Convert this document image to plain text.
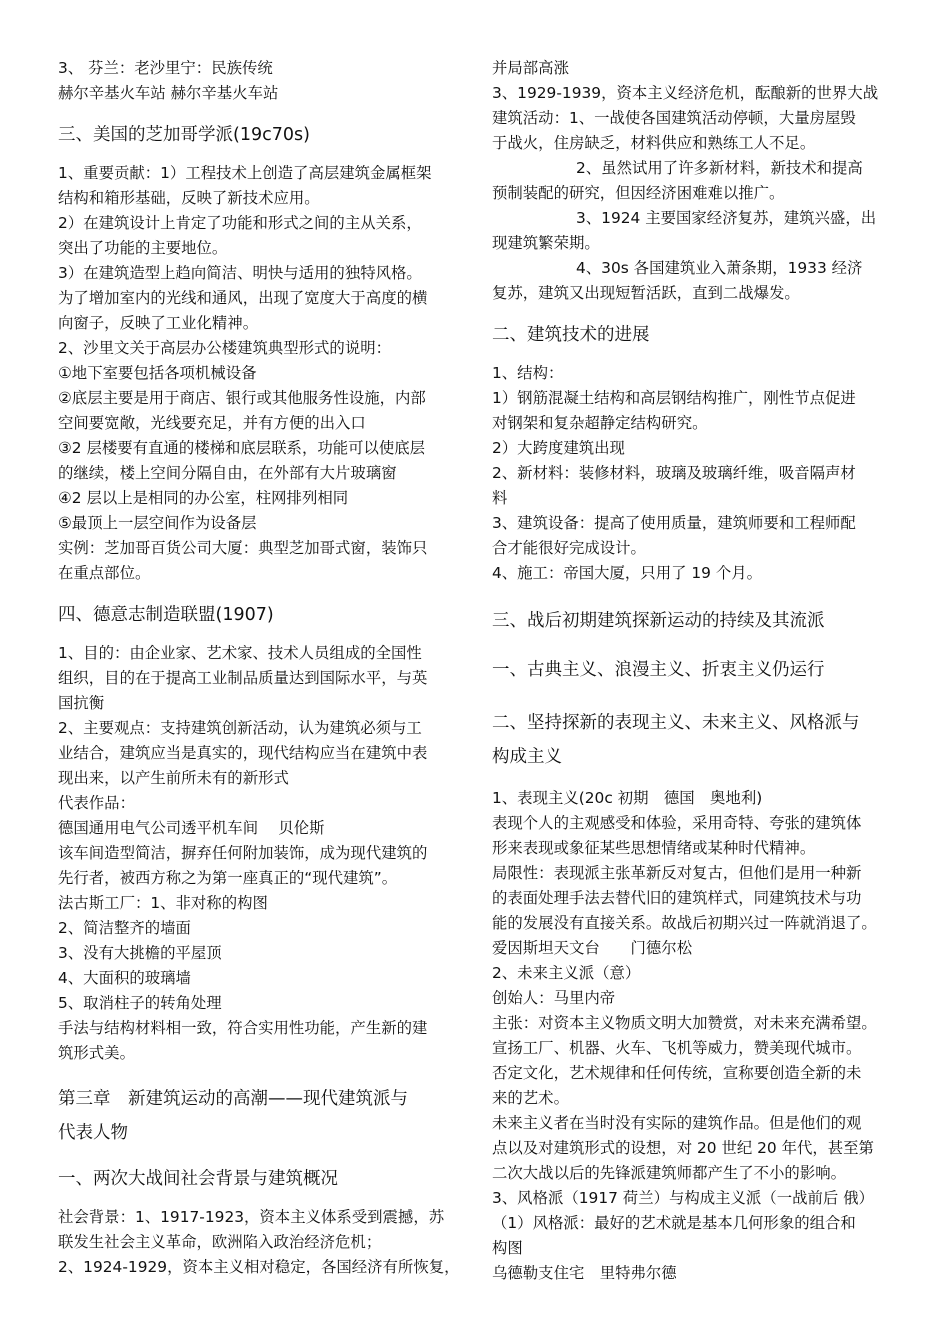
3、 芬兰：老沙里宁：民族传统

赫尔辛基火车站 赫尔辛基火车站

三、美国的芝加哥学派(19c70s)

1、重要贡献：1）工程技术上创造了高层建筑金属框架

结构和箱形基础，反映了新技术应用。

2）在建筑设计上肯定了功能和形式之间的主从关系，

突出了功能的主要地位。

3）在建筑造型上趋向简洁、明快与适用的独特风格。

为了增加室内的光线和通风，出现了宽度大于高度的横

向窗子，反映了工业化精神。

2、沙里文关于高层办公楼建筑典型形式的说明：

①地下室要包括各项机械设备

②底层主要是用于商店、银行或其他服务性设施，内部

空间要宽敞，光线要充足，并有方便的出入口

③2 层楼要有直通的楼梯和底层联系，功能可以使底层

的继续，楼上空间分隔自由，在外部有大片玻璃窗

④2 层以上是相同的办公室，柱网排列相同

⑤最顶上一层空间作为设备层

实例：芝加哥百货公司大厦：典型芝加哥式窗，装饰只

在重点部位。

四、德意志制造联盟(1907)

1、目的：由企业家、艺术家、技术人员组成的全国性

组织，目的在于提高工业制品质量达到国际水平，与英

国抗衡

2、主要观点：支持建筑创新活动，认为建筑必须与工

业结合，建筑应当是真实的，现代结构应当在建筑中表

现出来，以产生前所未有的新形式

代表作品：

德国通用电气公司透平机车间　 贝伦斯

该车间造型简洁，摒弃任何附加装饰，成为现代建筑的

先行者，被西方称之为第一座真正的“现代建筑”。

法古斯工厂：1、非对称的构图

2、简洁整齐的墙面

3、没有大挑檐的平屋顶

4、大面积的玻璃墙

5、取消柱子的转角处理

手法与结构材料相一致，符合实用性功能，产生新的建

筑形式美。

第三章　新建筑运动的高潮——现代建筑派与

代表人物

一、两次大战间社会背景与建筑概况

社会背景：1、1917-1923，资本主义体系受到震撼，苏

联发生社会主义革命，欧洲陷入政治经济危机；

2、1924-1929，资本主义相对稳定，各国经济有所恢复，

并局部高涨

3、1929-1939，资本主义经济危机，酝酿新的世界大战

建筑活动：1、一战使各国建筑活动停顿，大量房屋毁

于战火，住房缺乏，材料供应和熟练工人不足。

2、虽然试用了许多新材料，新技术和提高

预制装配的研究，但因经济困难难以推广。

3、1924 主要国家经济复苏，建筑兴盛，出

现建筑繁荣期。

4、30s 各国建筑业入萧条期，1933 经济

复苏，建筑又出现短暂活跃，直到二战爆发。

二、建筑技术的进展

1、结构：

1）钢筋混凝土结构和高层钢结构推广，刚性节点促进

对钢架和复杂超静定结构研究。

2）大跨度建筑出现

2、新材料：装修材料，玻璃及玻璃纤维，吸音隔声材

料

3、建筑设备：提高了使用质量，建筑师要和工程师配

合才能很好完成设计。

4、施工：帝国大厦，只用了 19 个月。

三、战后初期建筑探新运动的持续及其流派

一、古典主义、浪漫主义、折衷主义仍运行

二、坚持探新的表现主义、未来主义、风格派与

构成主义

1、表现主义(20c 初期　德国　奥地利)

表现个人的主观感受和体验，采用奇特、夸张的建筑体

形来表现或象征某些思想情绪或某种时代精神。

局限性：表现派主张革新反对复古，但他们是用一种新

的表面处理手法去替代旧的建筑样式，同建筑技术与功

能的发展没有直接关系。故战后初期兴过一阵就消退了。

爱因斯坦天文台　　门德尔松

2、未来主义派（意）

创始人：马里内帝

主张：对资本主义物质文明大加赞赏，对未来充满希望。

宣扬工厂、机器、火车、飞机等威力，赞美现代城市。

否定文化，艺术规律和任何传统，宣称要创造全新的未

来的艺术。

未来主义者在当时没有实际的建筑作品。但是他们的观

点以及对建筑形式的设想，对 20 世纪 20 年代，甚至第

二次大战以后的先锋派建筑师都产生了不小的影响。

3、风格派（1917 荷兰）与构成主义派（一战前后 俄）

（1）风格派：最好的艺术就是基本几何形象的组合和

构图

乌德勒支住宅　里特弗尔德
